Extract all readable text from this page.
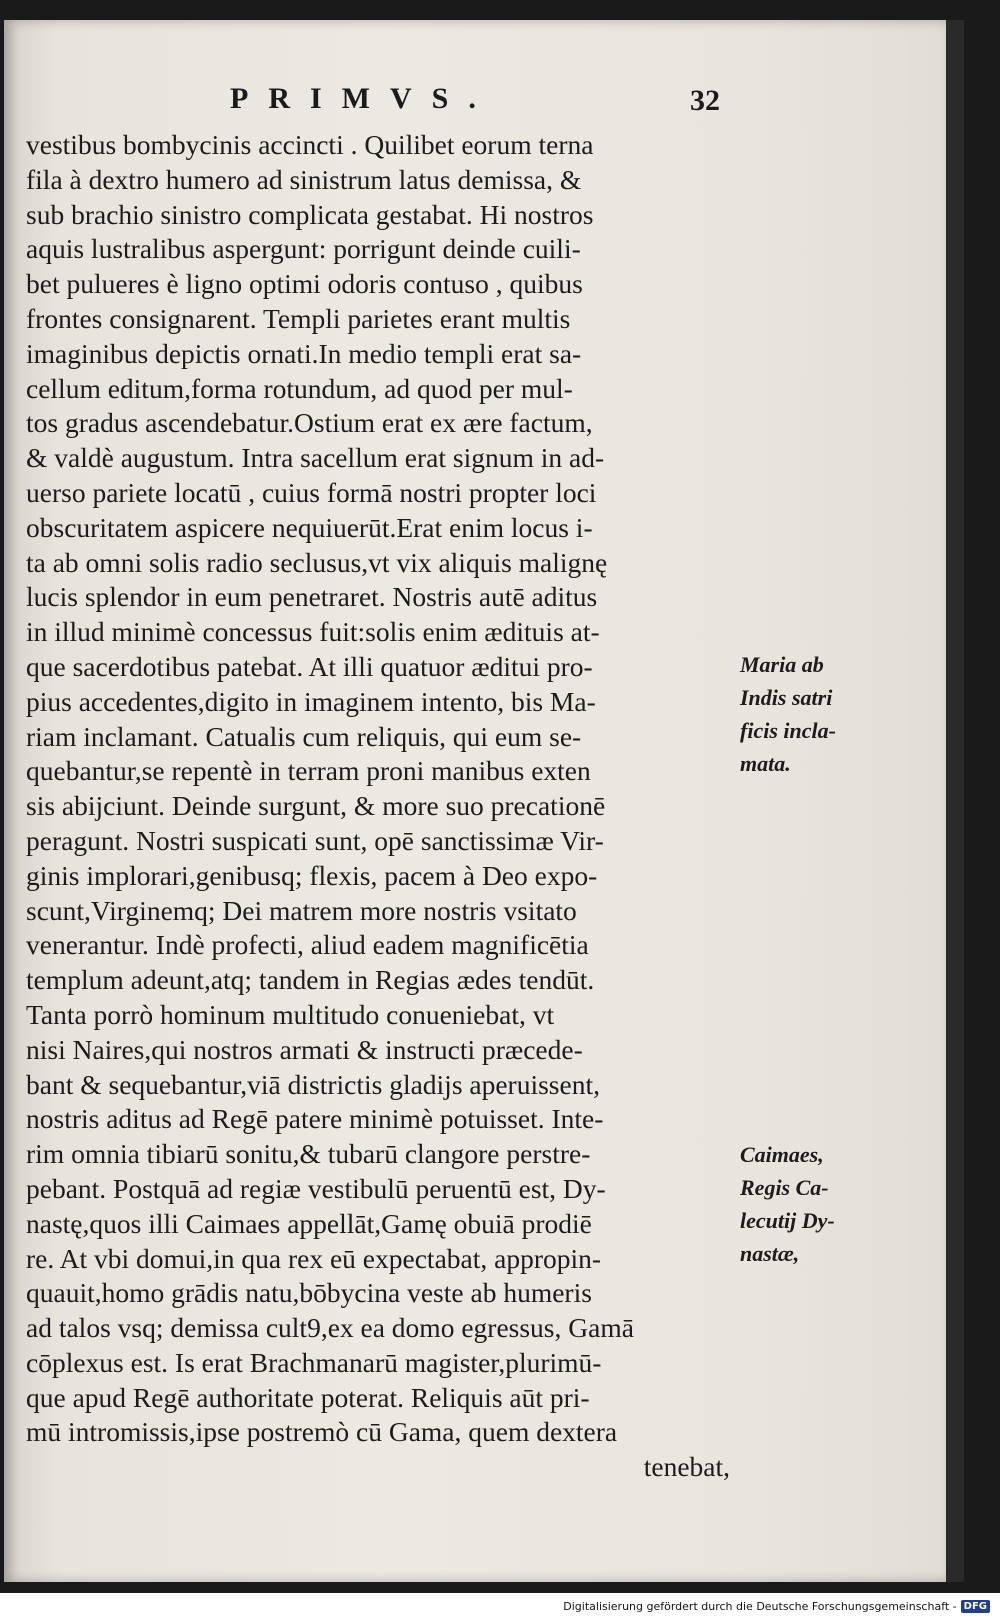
PRIMVS.	32
vestibus bombycinis accincti . Quilibet eorum terna
fila à dextro humero ad sinistrum latus demissa, &
sub brachio sinistro complicata gestabat. Hi nostros
aquis lustralibus aspergunt: porrigunt deinde cuili-
bet pulueres è ligno optimi odoris contuso , quibus
frontes consignarent. Templi parietes erant multis
imaginibus depictis ornati.In medio templi erat sa-
cellum editum,forma rotundum, ad quod per mul-
tos gradus ascendebatur.Ostium erat ex ære factum,
& valdè augustum. Intra sacellum erat signum in ad-
uerso pariete locatū , cuius formā nostri propter loci
obscuritatem aspicere nequiuerūt.Erat enim locus i-
ta ab omni solis radio seclusus,vt vix aliquis malignę
lucis splendor in eum penetraret. Nostris autē aditus
in illud minimè concessus fuit:solis enim ædituis at-
que sacerdotibus patebat. At illi quatuor æditui pro-
pius accedentes,digito in imaginem intento, bis Ma-
riam inclamant. Catualis cum reliquis, qui eum se-
quebantur,se repentè in terram proni manibus exten
sis abijciunt. Deinde surgunt, & more suo precationē
peragunt. Nostri suspicati sunt, opē sanctissimæ Vir-
ginis implorari,genibusq; flexis, pacem à Deo expo-
scunt,Virginemq; Dei matrem more nostris vsitato
venerantur. Indè profecti, aliud eadem magnificētia
templum adeunt,atq; tandem in Regias ædes tendūt.
Tanta porrò hominum multitudo conueniebat, vt
nisi Naires,qui nostros armati & instructi præcede-
bant & sequebantur,viā districtis gladijs aperuissent,
nostris aditus ad Regē patere minimè potuisset. Inte-
rim omnia tibiarū sonitu,& tubarū clangore perstre-
pebant. Postquā ad regiæ vestibulū peruentū est, Dy-
nastę,quos illi Caimaes appellāt,Gamę obuiā prodiē
re. At vbi domui,in qua rex eū expectabat, appropin-
quauit,homo grādis natu,bōbycina veste ab humeris
ad talos vsq; demissa cult9,ex ea domo egressus, Gamā
cōplexus est. Is erat Brachmanarū magister,plurimū-
que apud Regē authoritate poterat. Reliquis aūt pri-
mū intromissis,ipse postremò cū Gama, quem dextera
tenebat,
Maria ab
Indis satri
ficis incla-
mata.
Caimaes,
Regis Ca-
lecutij Dy-
nastæ,
Digitalisierung gefördert durch die Deutsche Forschungsgemeinschaft - DFG
